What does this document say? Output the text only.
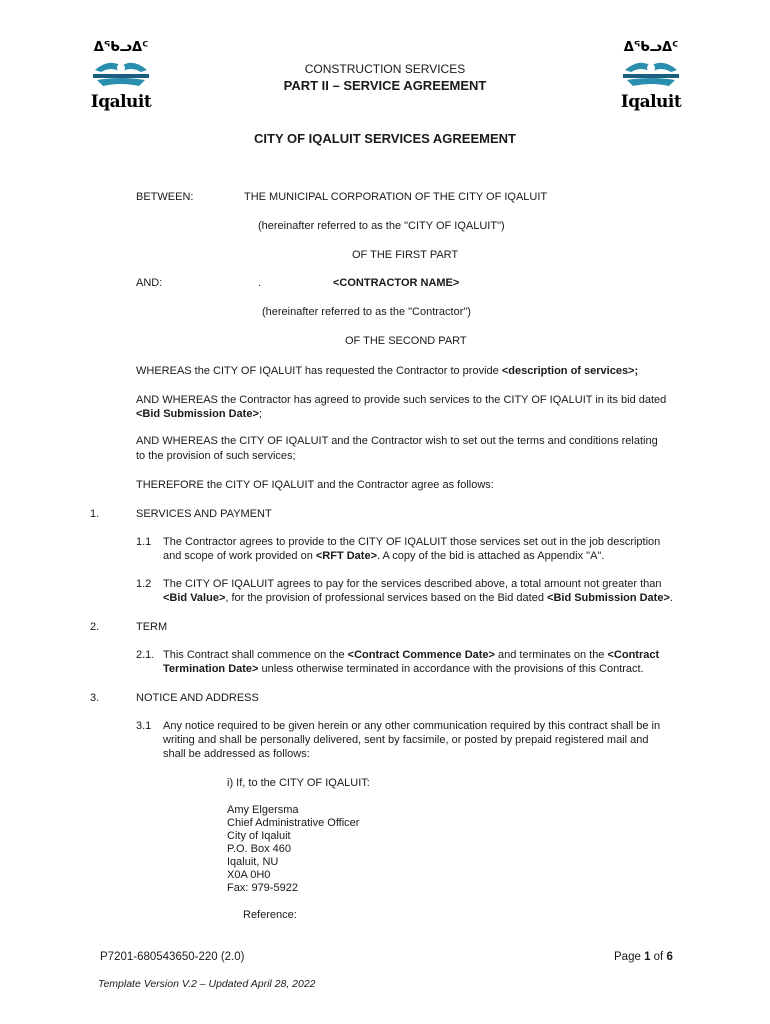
ᐃᖃᓗᐃᑦ
Iqaluit
ᐃᖃᓗᐃᑦ
Iqaluit
CONSTRUCTION SERVICES
PART II – SERVICE AGREEMENT
CITY OF IQALUIT SERVICES AGREEMENT
BETWEEN:	THE MUNICIPAL CORPORATION OF THE CITY OF IQALUIT
(hereinafter referred to as the "CITY OF IQALUIT")
OF THE FIRST PART
AND:	.	<CONTRACTOR NAME>
(hereinafter referred to as the "Contractor")
OF THE SECOND PART
WHEREAS the CITY OF IQALUIT has requested the Contractor to provide <description of services>;
AND WHEREAS the Contractor has agreed to provide such services to the CITY OF IQALUIT in its bid dated
<Bid Submission Date>;
AND WHEREAS the CITY OF IQALUIT and the Contractor wish to set out the terms and conditions relating
to the provision of such services;
THEREFORE the CITY OF IQALUIT and the Contractor agree as follows:
1.	SERVICES AND PAYMENT
1.1 The Contractor agrees to provide to the CITY OF IQALUIT those services set out in the job description
and scope of work provided on <RFT Date>. A copy of the bid is attached as Appendix "A".
1.2 The CITY OF IQALUIT agrees to pay for the services described above, a total amount not greater than
<Bid Value>, for the provision of professional services based on the Bid dated <Bid Submission Date>.
2.	TERM
2.1. This Contract shall commence on the <Contract Commence Date> and terminates on the <Contract
Termination Date> unless otherwise terminated in accordance with the provisions of this Contract.
3.	NOTICE AND ADDRESS
3.1 Any notice required to be given herein or any other communication required by this contract shall be in
writing and shall be personally delivered, sent by facsimile, or posted by prepaid registered mail and
shall be addressed as follows:
i) If, to the CITY OF IQALUIT:
Amy Elgersma
Chief Administrative Officer
City of Iqaluit
P.O. Box 460
Iqaluit, NU
X0A 0H0
Fax: 979-5922
Reference:
P7201-680543650-220 (2.0)	Page 1 of 6
Template Version V.2 – Updated April 28, 2022
